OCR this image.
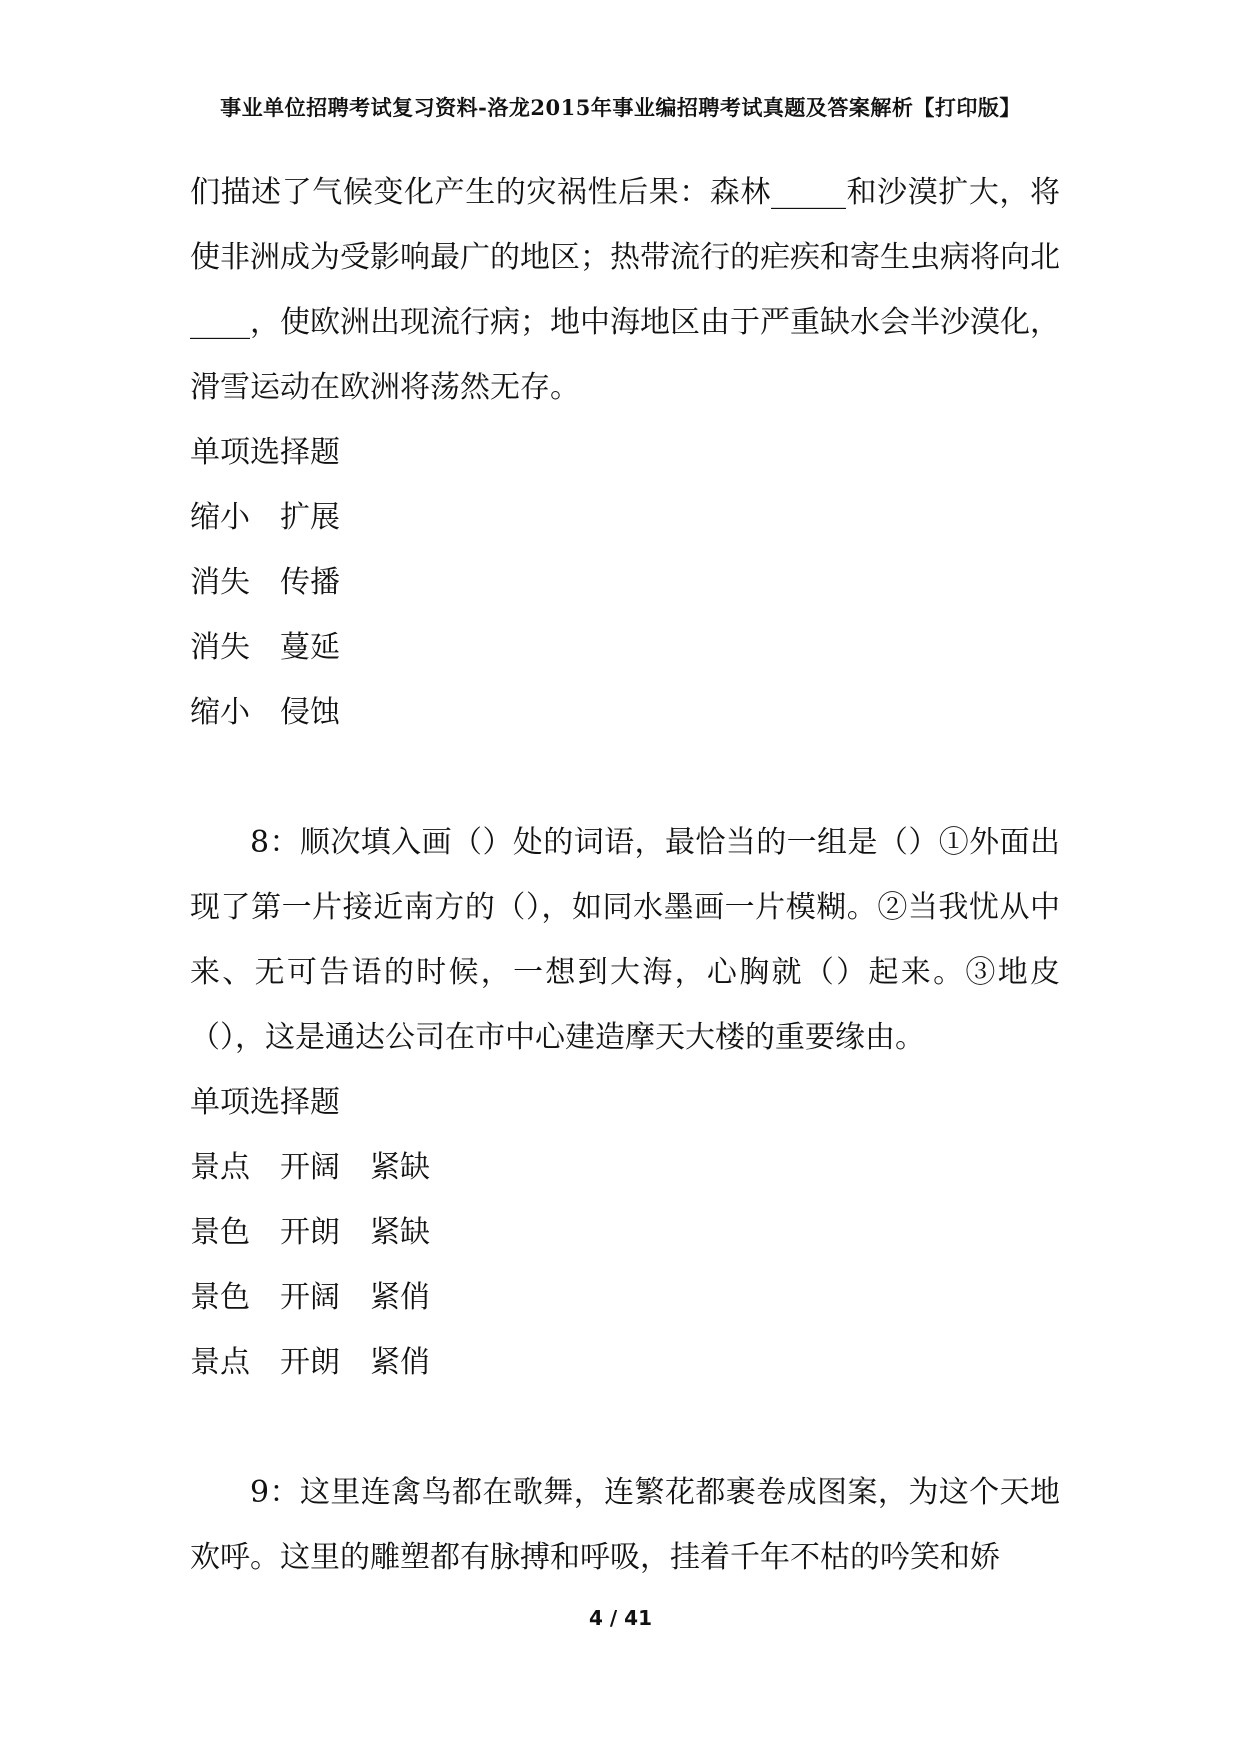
事业单位招聘考试复习资料-洛龙2015年事业编招聘考试真题及答案解析【打印版】

们描述了气候变化产生的灾祸性后果：森林_____和沙漠扩大，将使非洲成为受影响最广的地区；热带流行的疟疾和寄生虫病将向北____，使欧洲出现流行病；地中海地区由于严重缺水会半沙漠化，滑雪运动在欧洲将荡然无存。

单项选择题
缩小 扩展
消失 传播
消失 蔓延
缩小 侵蚀

8：顺次填入画（）处的词语，最恰当的一组是（）①外面出现了第一片接近南方的（），如同水墨画一片模糊。②当我忧从中来、无可告语的时候，一想到大海，心胸就（）起来。③地皮（），这是通达公司在市中心建造摩天大楼的重要缘由。

单项选择题
景点 开阔 紧缺
景色 开朗 紧缺
景色 开阔 紧俏
景点 开朗 紧俏

9：这里连禽鸟都在歌舞，连繁花都裹卷成图案，为这个天地欢呼。这里的雕塑都有脉搏和呼吸，挂着千年不枯的吟笑和娇

4 / 41
